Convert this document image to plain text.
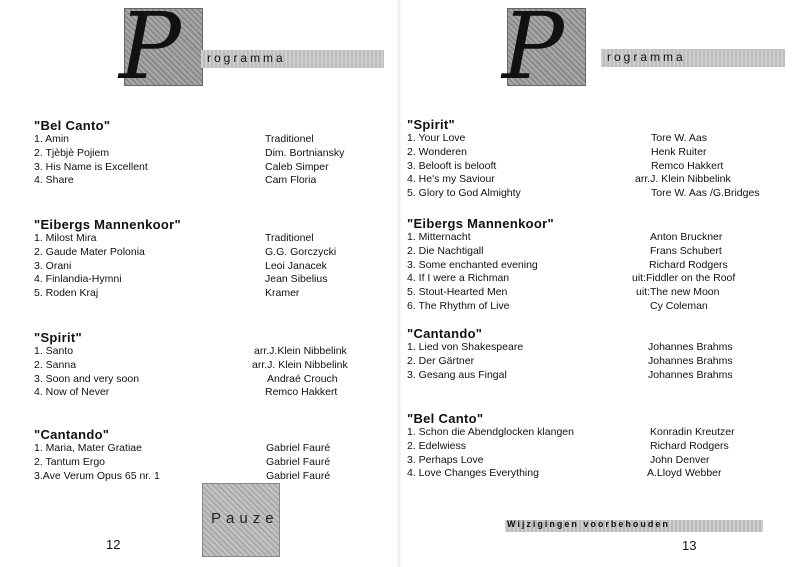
P rogramma
"Bel Canto"
1. Amin	Traditionel
2. Tjèbjè Pojiem	Dim. Bortniansky
3. His Name is Excellent	Caleb Simper
4. Share	Cam Floria
"Eibergs Mannenkoor"
1. Milost Mira	Traditionel
2. Gaude Mater Polonia	G.G. Gorczycki
3. Orani	Leoi Janacek
4. Finlandia-Hymni	Jean Sibelius
5. Roden Kraj	Kramer
"Spirit"
1. Santo	arr.J.Klein Nibbelink
2. Sanna	arr.J. Klein Nibbelink
3. Soon and very soon	Andraé Crouch
4. Now of Never	Remco Hakkert
"Cantando"
1. Maria, Mater Gratiae	Gabriel Fauré
2. Tantum Ergo	Gabriel Fauré
3.Ave Verum Opus 65 nr. 1	Gabriel Fauré
Pauze
12
P	rogramma
"Spirit"
1. Your Love	Tore W. Aas
2. Wonderen	Henk Ruiter
3. Belooft is belooft	Remco Hakkert
4. He's my Saviour	arr.J. Klein Nibbelink
5. Glory to God Almighty	Tore W. Aas /G.Bridges
"Eibergs Mannenkoor"
1. Mitternacht	Anton Bruckner
2. Die Nachtigall	Frans Schubert
3. Some enchanted evening	Richard Rodgers
4. If I were a Richman	uit:Fiddler on the Roof
5. Stout-Hearted Men	uit:The new Moon
6. The Rhythm of Live	Cy Coleman
"Cantando"
1. Lied von Shakespeare	Johannes Brahms
2. Der Gärtner	Johannes Brahms
3. Gesang aus Fingal	Johannes Brahms
"Bel Canto"
1. Schon die Abendglocken klangen	Konradin Kreutzer
2. Edelwiess	Richard Rodgers
3. Perhaps Love	John Denver
4. Love Changes Everything	A.Lloyd Webber
Wijzigingen voorbehouden
13
